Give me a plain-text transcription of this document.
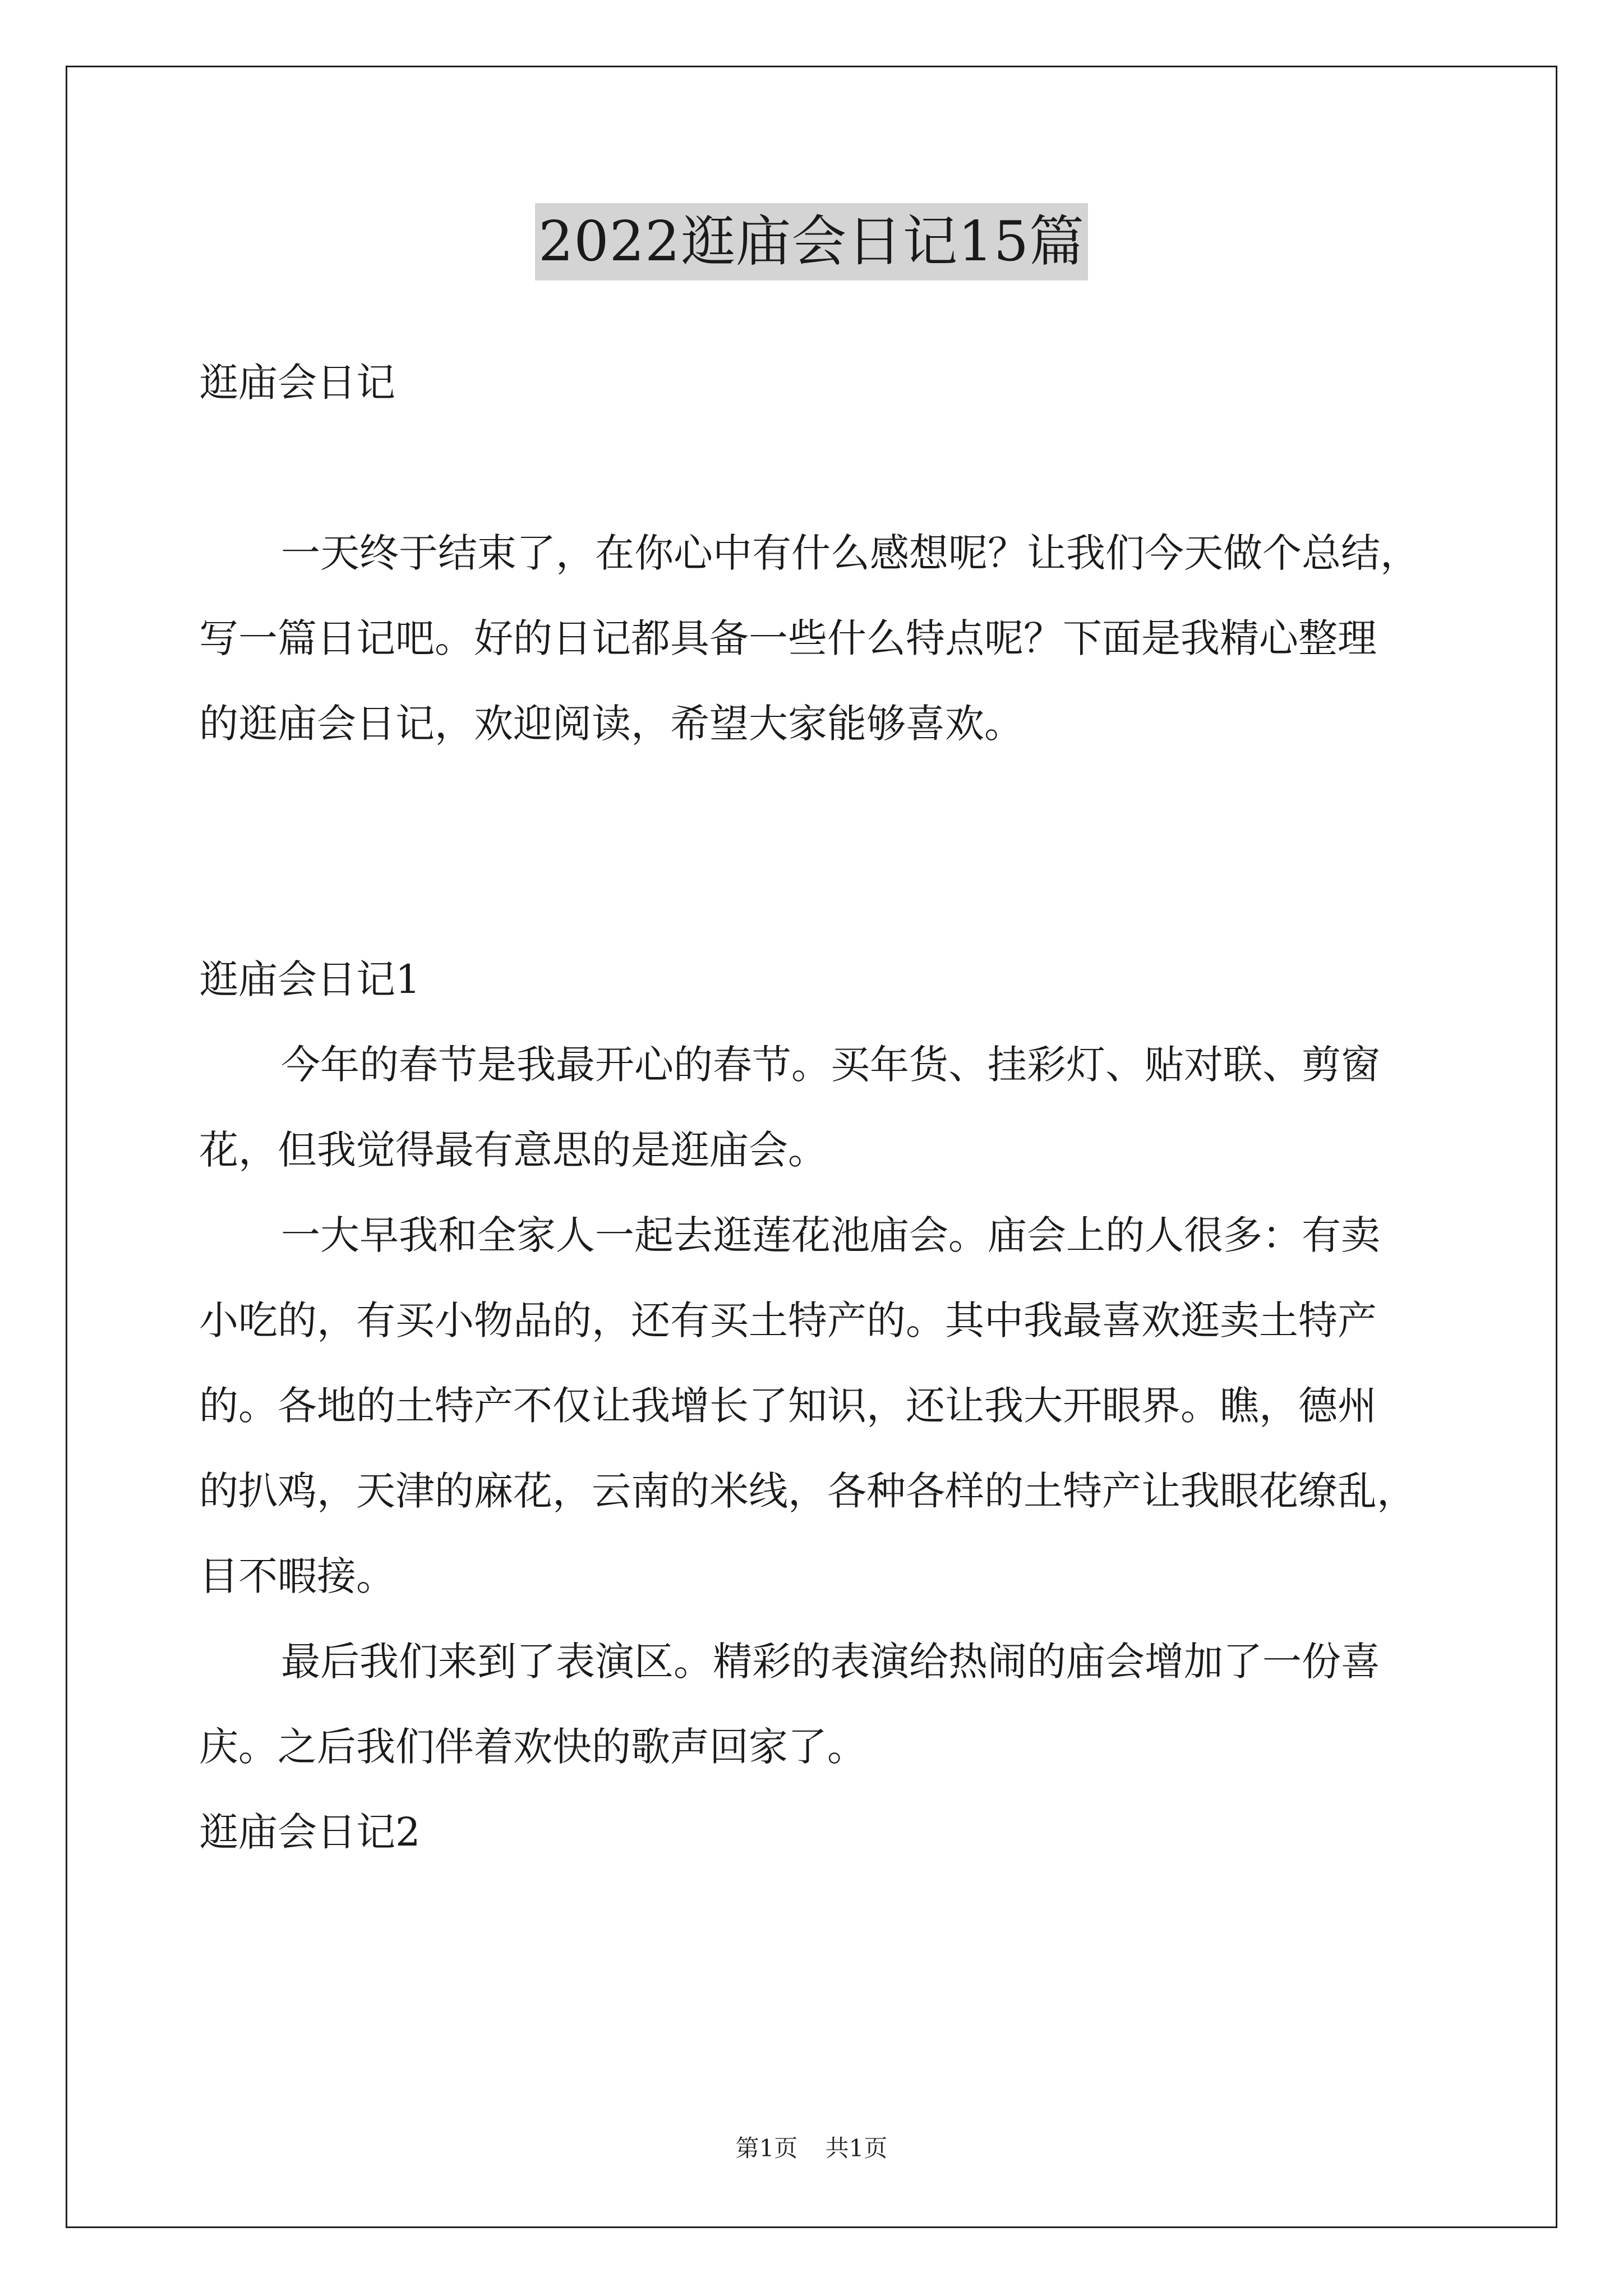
2022逛庙会日记15篇
逛庙会日记
一天终于结束了，在你心中有什么感想呢？让我们今天做个总结，
写一篇日记吧。好的日记都具备一些什么特点呢？下面是我精心整理
的逛庙会日记，欢迎阅读，希望大家能够喜欢。
逛庙会日记1
今年的春节是我最开心的春节。买年货、挂彩灯、贴对联、剪窗
花，但我觉得最有意思的是逛庙会。
一大早我和全家人一起去逛莲花池庙会。庙会上的人很多：有卖
小吃的，有买小物品的，还有买土特产的。其中我最喜欢逛卖土特产
的。各地的土特产不仅让我增长了知识，还让我大开眼界。瞧，德州
的扒鸡，天津的麻花，云南的米线，各种各样的土特产让我眼花缭乱，
目不暇接。
最后我们来到了表演区。精彩的表演给热闹的庙会增加了一份喜
庆。之后我们伴着欢快的歌声回家了。
逛庙会日记2
第1页 共1页
